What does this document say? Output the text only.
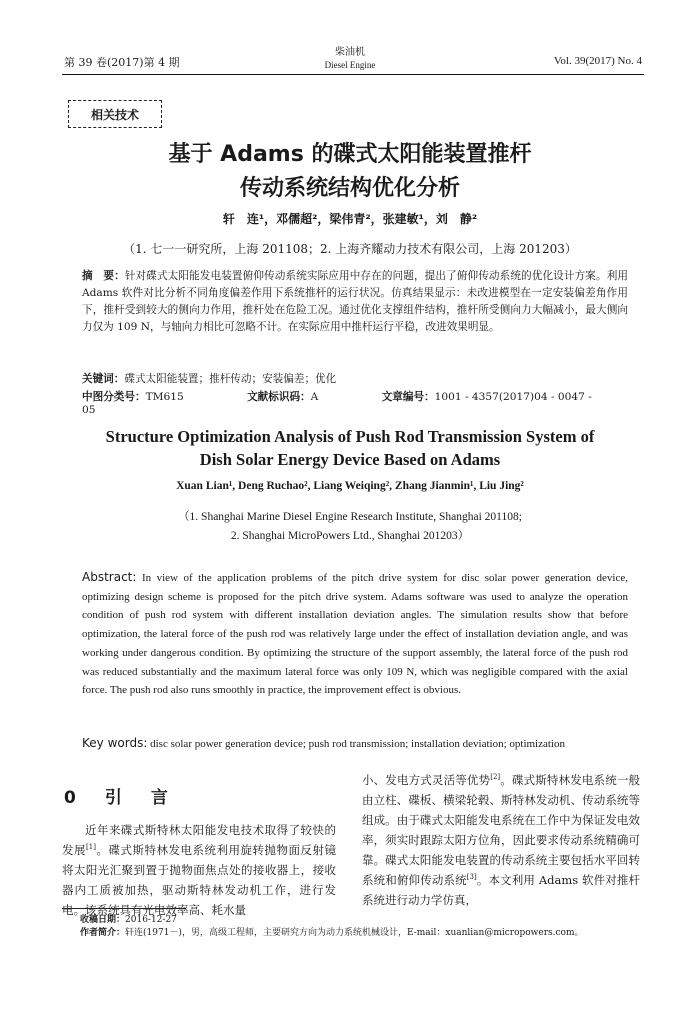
第 39 卷(2017)第 4 期
柴油机
Diesel Engine	Vol. 39(2017) No. 4
相关技术
基于 Adams 的碟式太阳能装置推杆
传动系统结构优化分析
轩　连¹，邓儒超²，梁伟青²，张建敏¹，刘　静²
（1. 七一一研究所，上海 201108；2. 上海齐耀动力技术有限公司，上海 201203）
摘　要：针对碟式太阳能发电装置俯仰传动系统实际应用中存在的问题，提出了俯仰传动系统的优化设计方案。利用 Adams 软件对比分析不同角度偏差作用下系统推杆的运行状况。仿真结果显示：未改进模型在一定安装偏差角作用下，推杆受到较大的侧向力作用，推杆处在危险工况。通过优化支撑组件结构，推杆所受侧向力大幅减小，最大侧向力仅为 109 N，与轴向力相比可忽略不计。在实际应用中推杆运行平稳，改进效果明显。
关键词：碟式太阳能装置；推杆传动；安装偏差；优化
中图分类号：TM615	文献标识码：A	文章编号：1001 - 4357(2017)04 - 0047 - 05
Structure Optimization Analysis of Push Rod Transmission System of
Dish Solar Energy Device Based on Adams
Xuan Lian¹, Deng Ruchao², Liang Weiqing², Zhang Jianmin¹, Liu Jing²
（1. Shanghai Marine Diesel Engine Research Institute, Shanghai 201108;
2. Shanghai MicroPowers Ltd., Shanghai 201203）
Abstract: In view of the application problems of the pitch drive system for disc solar power generation device, optimizing design scheme is proposed for the pitch drive system. Adams software was used to analyze the operation condition of push rod system with different installation deviation angles. The simulation results show that before optimization, the lateral force of the push rod was relatively large under the effect of installation deviation angle, and was working under dangerous condition. By optimizing the structure of the support assembly, the lateral force of the push rod was reduced substantially and the maximum lateral force was only 109 N, which was negligible compared with the axial force. The push rod also runs smoothly in practice, the improvement effect is obvious.
Key words: disc solar power generation device; push rod transmission; installation deviation; optimization
0　引　言
近年来碟式斯特林太阳能发电技术取得了较快的发展[1]。碟式斯特林发电系统利用旋转抛物面反射镜将太阳光汇聚到置于抛物面焦点处的接收器上，接收器内工质被加热，驱动斯特林发动机工作，进行发电。该系统具有光电效率高、耗水量
小、发电方式灵活等优势[2]。碟式斯特林发电系统一般由立柱、碟板、横梁轮毂、斯特林发动机、传动系统等组成。由于碟式太阳能发电系统在工作中为保证发电效率，须实时跟踪太阳方位角，因此要求传动系统精确可靠。碟式太阳能发电装置的传动系统主要包括水平回转系统和俯仰传动系统[3]。本文利用 Adams 软件对推杆系统进行动力学仿真，
收稿日期：2016-12-27
作者简介：轩连(1971－)，男，高级工程师，主要研究方向为动力系统机械设计，E-mail：xuanlian@micropowers.com。
